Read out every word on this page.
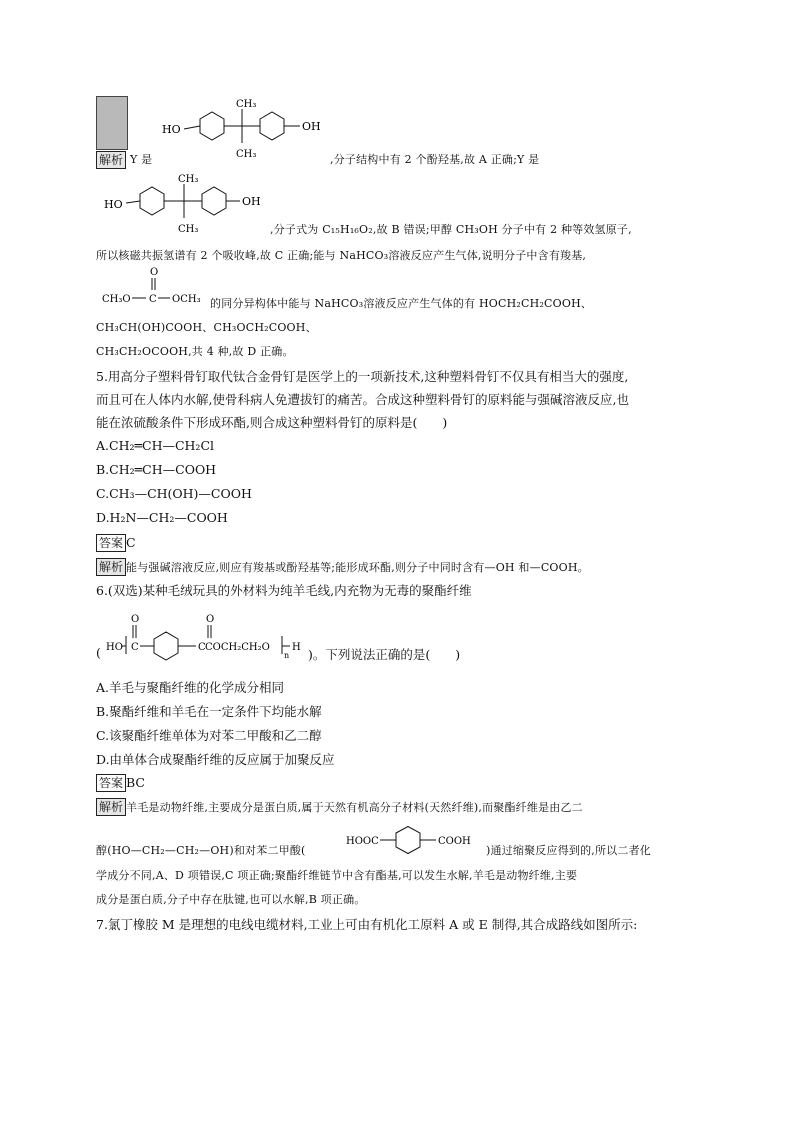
解析 Y 是
HO
CH₃
CH₃
OH
,分子结构中有 2 个酚羟基,故 A 正确;Y 是
HO
CH₃
CH₃
OH
,分子式为 C₁₅H₁₆O₂,故 B 错误;甲醇 CH₃OH 分子中有 2 种等效氢原子,
所以核磁共振氢谱有 2 个吸收峰,故 C 正确;能与 NaHCO₃溶液反应产生气体,说明分子中含有羧基,
O
CH₃O C OCH₃ 的同分异构体中能与 NaHCO₃溶液反应产生气体的有 HOCH₂CH₂COOH、
CH₃CH(OH)COOH、CH₃OCH₂COOH、
CH₃CH₂OCOOH,共 4 种,故 D 正确。
5.用高分子塑料骨钉取代钛合金骨钉是医学上的一项新技术,这种塑料骨钉不仅具有相当大的强度,
而且可在人体内水解,使骨科病人免遭拔钉的痛苦。合成这种塑料骨钉的原料能与强碱溶液反应,也
能在浓硫酸条件下形成环酯,则合成这种塑料骨钉的原料是(　　)
A.CH₂═CH—CH₂Cl
B.CH₂═CH—COOH
C.CH₃—CH(OH)—COOH
D.H₂N—CH₂—COOH
答案 C
解析 能与强碱溶液反应,则应有羧基或酚羟基等;能形成环酯,则分子中同时含有—OH 和—COOH。
6.(双选)某种毛绒玩具的外材料为纯羊毛线,内充物为无毒的聚酯纤维
( HO C
O
C
O
COCH₂CH₂O
n
H )。下列说法正确的是(　　)
A.羊毛与聚酯纤维的化学成分相同
B.聚酯纤维和羊毛在一定条件下均能水解
C.该聚酯纤维单体为对苯二甲酸和乙二醇
D.由单体合成聚酯纤维的反应属于加聚反应
答案 BC
解析 羊毛是动物纤维,主要成分是蛋白质,属于天然有机高分子材料(天然纤维),而聚酯纤维是由乙二
醇(HO—CH₂—CH₂—OH)和对苯二甲酸(
HOOC	COOH
)通过缩聚反应得到的,所以二者化
学成分不同,A、D 项错误,C 项正确;聚酯纤维链节中含有酯基,可以发生水解,羊毛是动物纤维,主要
成分是蛋白质,分子中存在肽键,也可以水解,B 项正确。
7.氯丁橡胶 M 是理想的电线电缆材料,工业上可由有机化工原料 A 或 E 制得,其合成路线如图所示:
